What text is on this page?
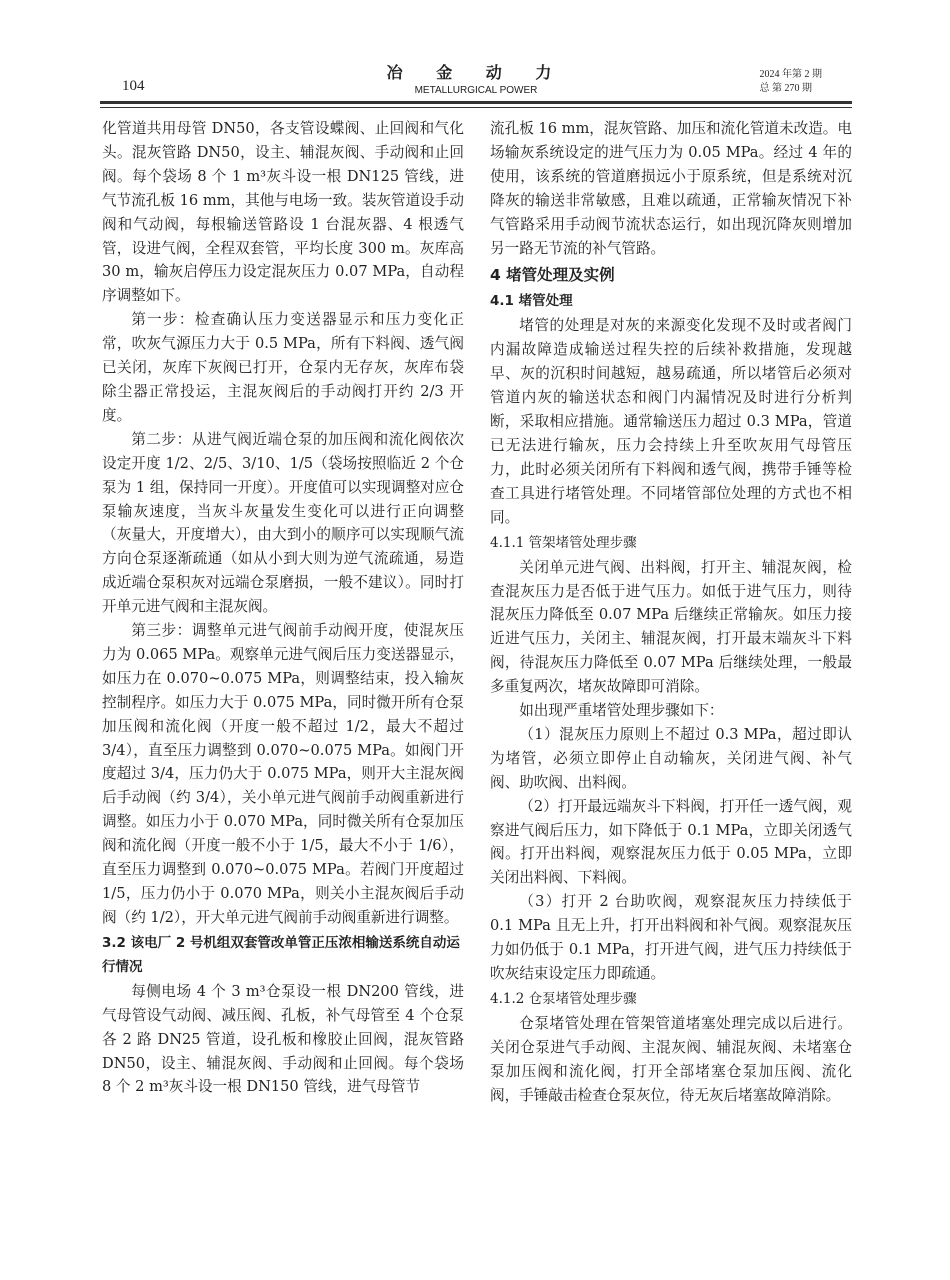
104
冶 金 动 力
METALLURGICAL POWER
2024 年第 2 期
总 第 270 期

化管道共用母管 DN50，各支管设蝶阀、止回阀和气化头。混灰管路 DN50，设主、辅混灰阀、手动阀和止回阀。每个袋场 8 个 1 m³灰斗设一根 DN125 管线，进气节流孔板 16 mm，其他与电场一致。装灰管道设手动阀和气动阀，每根输送管路设 1 台混灰器、4 根透气管，设进气阀，全程双套管，平均长度 300 m。灰库高 30 m，输灰启停压力设定混灰压力 0.07 MPa，自动程序调整如下。

第一步：检查确认压力变送器显示和压力变化正常，吹灰气源压力大于 0.5 MPa，所有下料阀、透气阀已关闭，灰库下灰阀已打开，仓泵内无存灰，灰库布袋除尘器正常投运，主混灰阀后的手动阀打开约 2/3 开度。

第二步：从进气阀近端仓泵的加压阀和流化阀依次设定开度 1/2、2/5、3/10、1/5（袋场按照临近 2 个仓泵为 1 组，保持同一开度）。开度值可以实现调整对应仓泵输灰速度，当灰斗灰量发生变化可以进行正向调整（灰量大，开度增大），由大到小的顺序可以实现顺气流方向仓泵逐渐疏通（如从小到大则为逆气流疏通，易造成近端仓泵积灰对远端仓泵磨损，一般不建议）。同时打开单元进气阀和主混灰阀。

第三步：调整单元进气阀前手动阀开度，使混灰压力为 0.065 MPa。观察单元进气阀后压力变送器显示，如压力在 0.070~0.075 MPa，则调整结束，投入输灰控制程序。如压力大于 0.075 MPa，同时微开所有仓泵加压阀和流化阀（开度一般不超过 1/2，最大不超过 3/4），直至压力调整到 0.070~0.075 MPa。如阀门开度超过 3/4，压力仍大于 0.075 MPa，则开大主混灰阀后手动阀（约 3/4），关小单元进气阀前手动阀重新进行调整。如压力小于 0.070 MPa，同时微关所有仓泵加压阀和流化阀（开度一般不小于 1/5，最大不小于 1/6），直至压力调整到 0.070~0.075 MPa。若阀门开度超过 1/5，压力仍小于 0.070 MPa，则关小主混灰阀后手动阀（约 1/2），开大单元进气阀前手动阀重新进行调整。

3.2 该电厂 2 号机组双套管改单管正压浓相输送系统自动运行情况

每侧电场 4 个 3 m³仓泵设一根 DN200 管线，进气母管设气动阀、减压阀、孔板，补气母管至 4 个仓泵各 2 路 DN25 管道，设孔板和橡胶止回阀，混灰管路 DN50，设主、辅混灰阀、手动阀和止回阀。每个袋场 8 个 2 m³灰斗设一根 DN150 管线，进气母管节

流孔板 16 mm，混灰管路、加压和流化管道未改造。电场输灰系统设定的进气压力为 0.05 MPa。经过 4 年的使用，该系统的管道磨损远小于原系统，但是系统对沉降灰的输送非常敏感，且难以疏通，正常输灰情况下补气管路采用手动阀节流状态运行，如出现沉降灰则增加另一路无节流的补气管路。

4 堵管处理及实例
4.1 堵管处理

堵管的处理是对灰的来源变化发现不及时或者阀门内漏故障造成输送过程失控的后续补救措施，发现越早、灰的沉积时间越短，越易疏通，所以堵管后必须对管道内灰的输送状态和阀门内漏情况及时进行分析判断，采取相应措施。通常输送压力超过 0.3 MPa，管道已无法进行输灰，压力会持续上升至吹灰用气母管压力，此时必须关闭所有下料阀和透气阀，携带手锤等检查工具进行堵管处理。不同堵管部位处理的方式也不相同。

4.1.1 管架堵管处理步骤

关闭单元进气阀、出料阀，打开主、辅混灰阀，检查混灰压力是否低于进气压力。如低于进气压力，则待混灰压力降低至 0.07 MPa 后继续正常输灰。如压力接近进气压力，关闭主、辅混灰阀，打开最末端灰斗下料阀，待混灰压力降低至 0.07 MPa 后继续处理，一般最多重复两次，堵灰故障即可消除。

如出现严重堵管处理步骤如下：

（1）混灰压力原则上不超过 0.3 MPa，超过即认为堵管，必须立即停止自动输灰，关闭进气阀、补气阀、助吹阀、出料阀。

（2）打开最远端灰斗下料阀，打开任一透气阀，观察进气阀后压力，如下降低于 0.1 MPa，立即关闭透气阀。打开出料阀，观察混灰压力低于 0.05 MPa，立即关闭出料阀、下料阀。

（3）打开 2 台助吹阀，观察混灰压力持续低于 0.1 MPa 且无上升，打开出料阀和补气阀。观察混灰压力如仍低于 0.1 MPa，打开进气阀，进气压力持续低于吹灰结束设定压力即疏通。

4.1.2 仓泵堵管处理步骤

仓泵堵管处理在管架管道堵塞处理完成以后进行。关闭仓泵进气手动阀、主混灰阀、辅混灰阀、未堵塞仓泵加压阀和流化阀，打开全部堵塞仓泵加压阀、流化阀，手锤敲击检查仓泵灰位，待无灰后堵塞故障消除。
